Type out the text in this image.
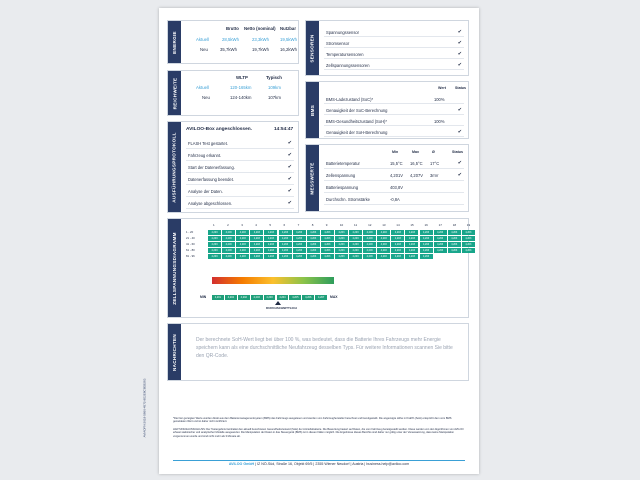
ENERGIE
Brutto Netto (nominal) Nutzbar
Aktuell	28,5kWh	23,3kWh	19,5kWh
Neu	35,7kWh	19,7kWh	16,2kWh
REICHWEITE	WLTP	Typisch
Aktuell	120-165km	109km
Neu	124-140km	107km
AUSFÜHRUNGSPROTOKOLL
AVILOO-Box angeschlossen.	14:54:47
FLASH Test gestartet.	✔
Fahrzeug erkannt.	✔
Start der Datenerfassung.	✔
Datenerfassung beendet.	✔
Analyse der Daten.	✔
Analyse abgeschlossen.	✔
SENSOREN
Spannungssensor	✔
Stromsensor	✔
Temperatursensoren	✔
Zellspannungssensoren	✔
BMS
Wert	Status
BMS-Ladezustand (SoC)*	100%
Genauigkeit der SoC-Berechnung	✔
BMS-Gesundheitszustand (SoH)*	100%
Genauigkeit der SoH-Berechnung	✔
MESSWERTE
Min	Max	Ø	Status
Batterietemperatur	15,5°C 16,5°C 17°C	✔
Zellenspannung	4,201V 4,207V 3mV	✔
Batteriespannung	403,8V
Durchschn. Stromstärke	-0,8A
ZELLSPANNUNGSDIAGRAMM	MIN	MAX
DURCHSCHNITTLICH
1	2	3	4	5	6	7	8	9	10	11	12	13	14	15	16	17	18	19
1 - 20	4,203	4,203	4,203	4,203	4,203	4,203	4,203	4,203	4,203	4,203	4,203	4,203	4,203	4,203	4,203	4,203	4,203	4,203	4,203
21 - 40	4,203	4,203	4,203	4,203	4,203	4,203	4,203	4,203	4,203	4,203	4,203	4,203	4,203	4,203	4,203	4,203	4,203	4,203	4,203
41 - 60	4,203	4,203	4,203	4,203	4,203	4,203	4,203	4,203	4,203	4,203	4,203	4,203	4,203	4,203	4,203	4,203	4,203	4,203	4,203
61 - 80	4,203	4,203	4,203	4,203	4,203	4,203	4,203	4,203	4,203	4,203	4,203	4,203	4,203	4,203	4,203	4,203	4,203	4,203	4,203
81 - 96	4,203	4,203	4,203	4,203	4,203	4,203	4,203	4,203	4,203	4,203	4,203	4,203	4,203	4,203	4,203	4,203
4,201	4,202	4,202	4,203	4,203	4,204	4,205	4,206	4,207
NACHRICHTEN	Der berechnete SoH-Wert liegt bei über 100 %, was bedeutet, dass die Batterie Ihres Fahrzeugs mehr Energie speichern kann als eine durchschnittliche Neufahrzeug desselben Typs. Für weitere Informationen scannen Sie bitte den QR-Code.
AVIAOFN-2619-5866-4572-9E2E8C8EB283	*Die hier gezeigten Werte wurden direkt aus dem Batteriemanagementsystem (BMS) des Fahrzeugs ausgelesen und werden vom Fahrzeughersteller berechnet und bereitgestellt. Die angezeigte Höhe in Kraft% (SoH) entspricht dem vom BMS gemeldeten Wert und ist daher nicht zertifiziert.
HAFTUNGSAUSSCHLUSS: Der Testergebnis beinhaltet den aktuell berechneten Gesundheitszustand (SoH) der Antriebsbatterie. Die Bewertung basiert auf Daten, die vom Fahrzeug bereitgestellt werden. Diese werden von den Algorithmen von AVILOO erfasst statistischer und analytischer Modelle ausgewertet. Die Manipulation der Daten in das Steuergerät (BMS) ist in diesen Fällen möglich. Die Ergebnisse dieses Berichts sind daher nur gültig unter der Voraussetzung, dass keine Manipulation vorgenommen wurde und sind nicht mehr als 3 Monate alt.
AVILOO GmbH | IZ NÖ-Süd, Straße 16, Objekt 69/5 | 2355 Wiener Neudorf | Austria | business.help@aviloo.com
